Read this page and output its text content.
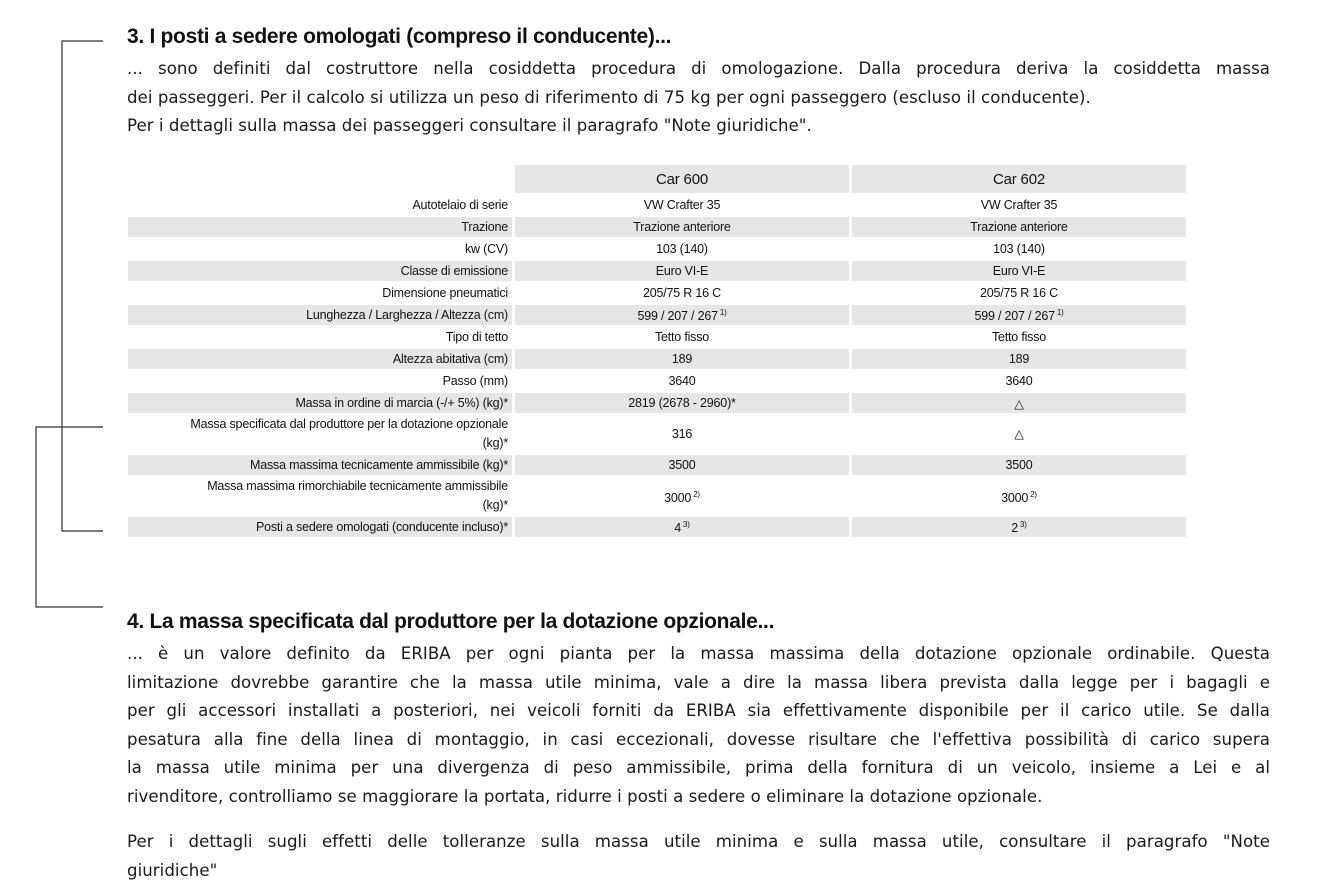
3. I posti a sedere omologati (compreso il conducente)...
... sono definiti dal costruttore nella cosiddetta procedura di omologazione. Dalla procedura deriva la cosiddetta massa
dei passeggeri. Per il calcolo si utilizza un peso di riferimento di 75 kg per ogni passeggero (escluso il conducente).
Per i dettagli sulla massa dei passeggeri consultare il paragrafo "Note giuridiche".
	Car 600	Car 602
Autotelaio di serie	VW Crafter 35	VW Crafter 35
Trazione	Trazione anteriore	Trazione anteriore
kw (CV)	103 (140)	103 (140)
Classe di emissione	Euro VI-E	Euro VI-E
Dimensione pneumatici	205/75 R 16 C	205/75 R 16 C
Lunghezza / Larghezza / Altezza (cm)	599 / 207 / 267 $^{1)}$	599 / 207 / 267 $^{1)}$
Tipo di tetto	Tetto fisso	Tetto fisso
Altezza abitativa (cm)	189	189
Passo (mm)	3640	3640
Massa in ordine di marcia (-/+ 5%) (kg)*	2819 (2678 - 2960)*	△
Massa specificata dal produttore per la dotazione opzionale
(kg)*	316	△
Massa massima tecnicamente ammissibile (kg)*	3500	3500
Massa massima rimorchiabile tecnicamente ammissibile
(kg)*	3000 $^{2)}$	3000 $^{2)}$
Posti a sedere omologati (conducente incluso)*	4 $^{3)}$	2 $^{3)}$
4. La massa specificata dal produttore per la dotazione opzionale...
... è un valore definito da ERIBA per ogni pianta per la massa massima della dotazione opzionale ordinabile. Questa
limitazione dovrebbe garantire che la massa utile minima, vale a dire la massa libera prevista dalla legge per i bagagli e
per gli accessori installati a posteriori, nei veicoli forniti da ERIBA sia effettivamente disponibile per il carico utile. Se dalla
pesatura alla fine della linea di montaggio, in casi eccezionali, dovesse risultare che l'effettiva possibilità di carico supera
la massa utile minima per una divergenza di peso ammissibile, prima della fornitura di un veicolo, insieme a Lei e al
rivenditore, controlliamo se maggiorare la portata, ridurre i posti a sedere o eliminare la dotazione opzionale.
Per i dettagli sugli effetti delle tolleranze sulla massa utile minima e sulla massa utile, consultare il paragrafo "Note
giuridiche"
